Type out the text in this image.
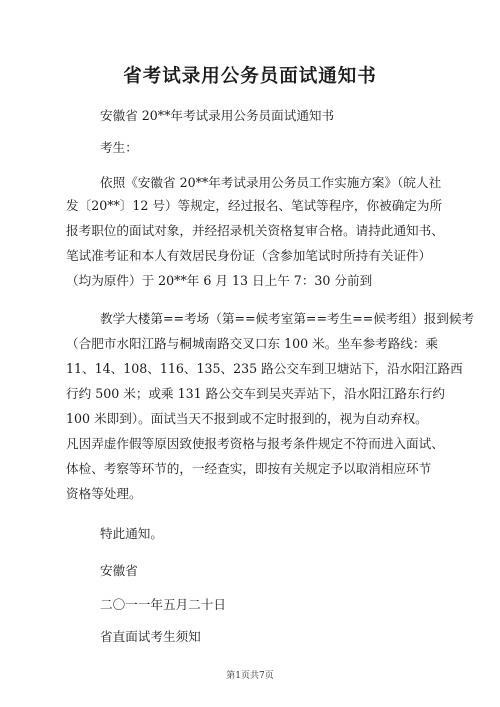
省考试录用公务员面试通知书
安徽省 20**年考试录用公务员面试通知书
考生：
依照《安徽省 20**年考试录用公务员工作实施方案》（皖人社
发〔20**〕12 号）等规定，经过报名、笔试等程序，你被确定为所
报考职位的面试对象，并经招录机关资格复审合格。请持此通知书、
笔试准考证和本人有效居民身份证（含参加笔试时所持有关证件）
（均为原件）于 20**年 6 月 13 日上午 7：30 分前到
教学大楼第==考场（第==候考室第==考生==候考组）报到候考
（合肥市水阳江路与桐城南路交叉口东 100 米。坐车参考路线：乘
11、14、108、116、135、235 路公交车到卫塘站下，沿水阳江路西
行约 500 米；或乘 131 路公交车到吴夹弄站下，沿水阳江路东行约
100 米即到）。面试当天不报到或不定时报到的，视为自动弃权。
凡因弄虚作假等原因致使报考资格与报考条件规定不符而进入面试、
体检、考察等环节的，一经查实，即按有关规定予以取消相应环节
资格等处理。
特此通知。
安徽省
二〇一一年五月二十日
省直面试考生须知
第1页共7页
